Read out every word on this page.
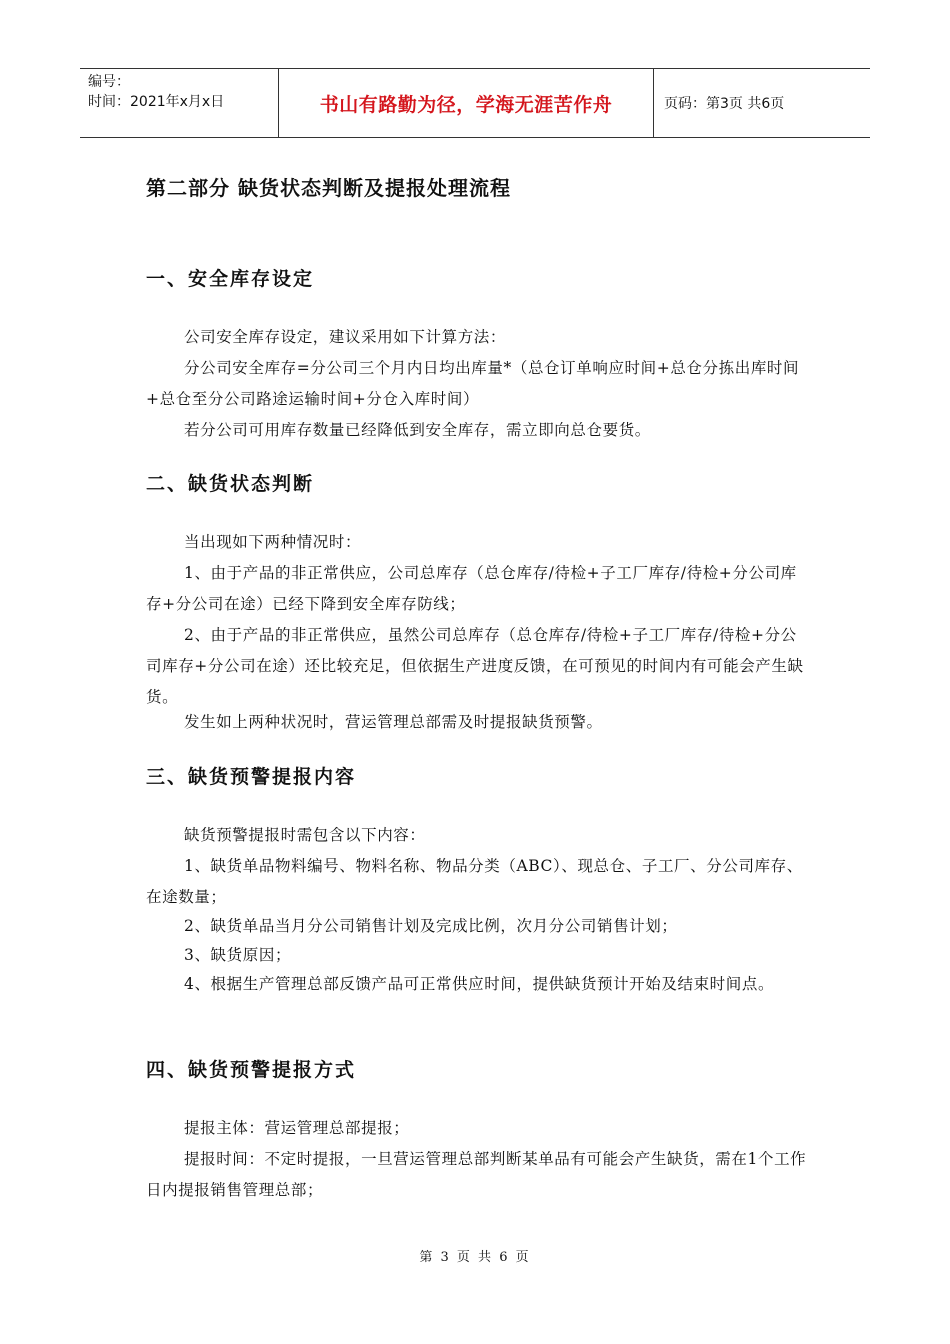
编号：
时间：2021年x月x日	书山有路勤为径，学海无涯苦作舟	页码：第3页 共6页
第二部分 缺货状态判断及提报处理流程
一、安全库存设定

公司安全库存设定，建议采用如下计算方法：

分公司安全库存=分公司三个月内日均出库量*（总仓订单响应时间+总仓分拣出库时间+总仓至分公司路途运输时间+分仓入库时间）

若分公司可用库存数量已经降低到安全库存，需立即向总仓要货。

二、缺货状态判断

当出现如下两种情况时：

1、由于产品的非正常供应，公司总库存（总仓库存/待检+子工厂库存/待检+分公司库存+分公司在途）已经下降到安全库存防线；

2、由于产品的非正常供应，虽然公司总库存（总仓库存/待检+子工厂库存/待检+分公司库存+分公司在途）还比较充足，但依据生产进度反馈，在可预见的时间内有可能会产生缺货。

发生如上两种状况时，营运管理总部需及时提报缺货预警。

三、缺货预警提报内容

缺货预警提报时需包含以下内容：

1、缺货单品物料编号、物料名称、物品分类（ABC）、现总仓、子工厂、分公司库存、在途数量；

2、缺货单品当月分公司销售计划及完成比例，次月分公司销售计划；

3、缺货原因；

4、根据生产管理总部反馈产品可正常供应时间，提供缺货预计开始及结束时间点。

四、缺货预警提报方式

提报主体：营运管理总部提报；

提报时间：不定时提报，一旦营运管理总部判断某单品有可能会产生缺货，需在1个工作日内提报销售管理总部；

第 3 页 共 6 页
